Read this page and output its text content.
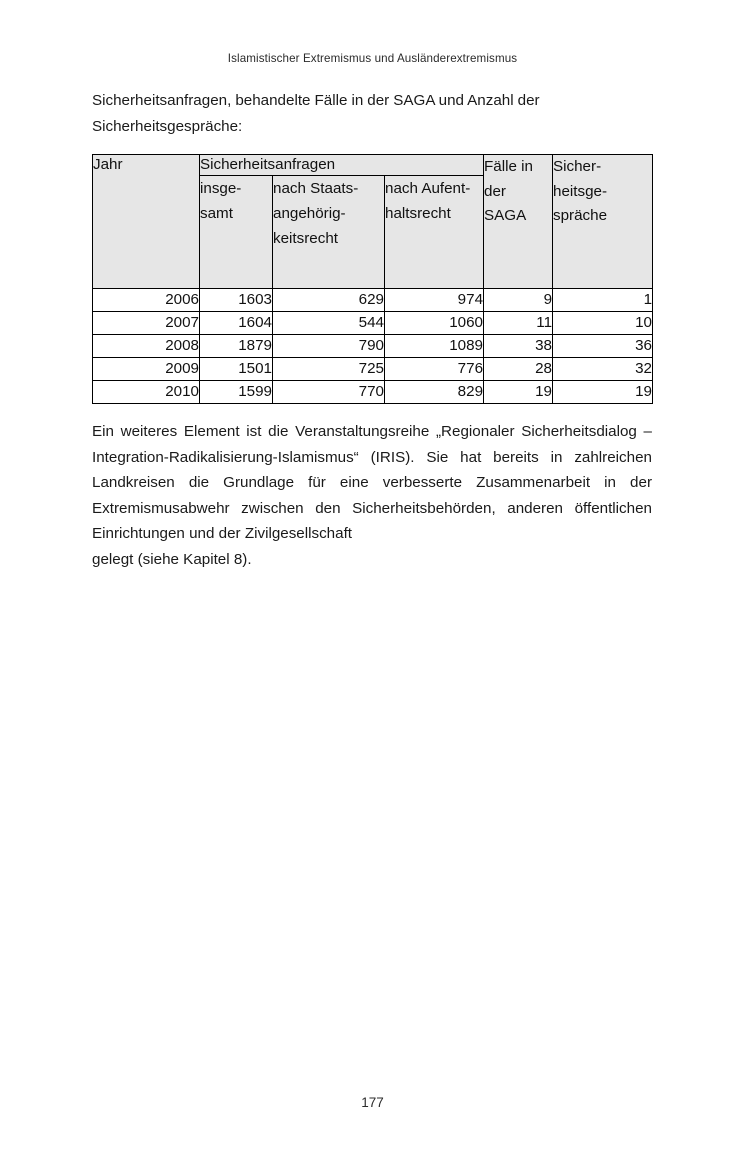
Islamistischer Extremismus und Ausländerextremismus

Sicherheitsanfragen, behandelte Fälle in der SAGA und Anzahl der Sicherheitsgespräche:

Jahr	Sicherheitsanfragen			Fälle in der SAGA	Sicher- heitsge- spräche

	insge- samt	nach Staats- angehörig- keitsrecht	nach Aufent- haltsrecht		

2006	1603	629	974	9	1
2007	1604	544	1060	11	10
2008	1879	790	1089	38	36
2009	1501	725	776	28	32
2010	1599	770	829	19	19

Ein weiteres Element ist die Veranstaltungsreihe „Regionaler Sicherheitsdialog – Integration-Radikalisierung-Islamismus“ (IRIS). Sie hat bereits in zahlreichen Landkreisen die Grundlage für eine verbesserte Zusammenarbeit in der Extremismusabwehr zwischen den Sicherheitsbehörden, anderen öffentlichen Einrichtungen und der Zivilgesellschaft
gelegt (siehe Kapitel 8).

177
